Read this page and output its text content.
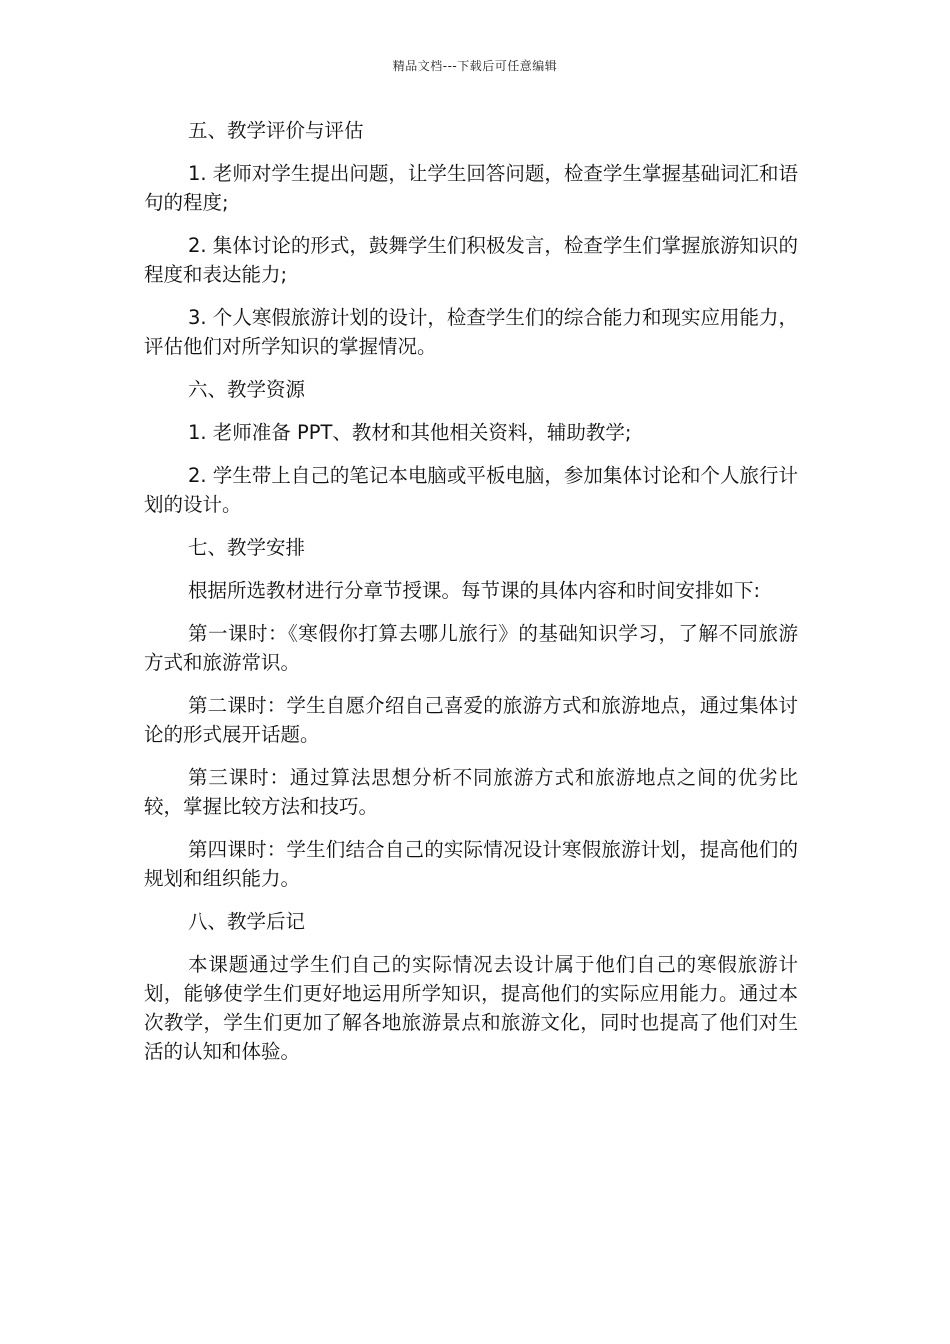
精品文档---下载后可任意编辑

五、教学评价与评估

1. 老师对学生提出问题，让学生回答问题，检查学生掌握基础词汇和语句的程度;

2. 集体讨论的形式，鼓舞学生们积极发言，检查学生们掌握旅游知识的程度和表达能力;

3. 个人寒假旅游计划的设计，检查学生们的综合能力和现实应用能力，评估他们对所学知识的掌握情况。

六、教学资源

1. 老师准备 PPT、教材和其他相关资料，辅助教学;

2. 学生带上自己的笔记本电脑或平板电脑，参加集体讨论和个人旅行计划的设计。

七、教学安排

根据所选教材进行分章节授课。每节课的具体内容和时间安排如下:

第一课时：《寒假你打算去哪儿旅行》的基础知识学习，了解不同旅游方式和旅游常识。

第二课时：学生自愿介绍自己喜爱的旅游方式和旅游地点，通过集体讨论的形式展开话题。

第三课时：通过算法思想分析不同旅游方式和旅游地点之间的优劣比较，掌握比较方法和技巧。

第四课时：学生们结合自己的实际情况设计寒假旅游计划，提高他们的规划和组织能力。

八、教学后记

本课题通过学生们自己的实际情况去设计属于他们自己的寒假旅游计划，能够使学生们更好地运用所学知识，提高他们的实际应用能力。通过本次教学，学生们更加了解各地旅游景点和旅游文化，同时也提高了他们对生活的认知和体验。
